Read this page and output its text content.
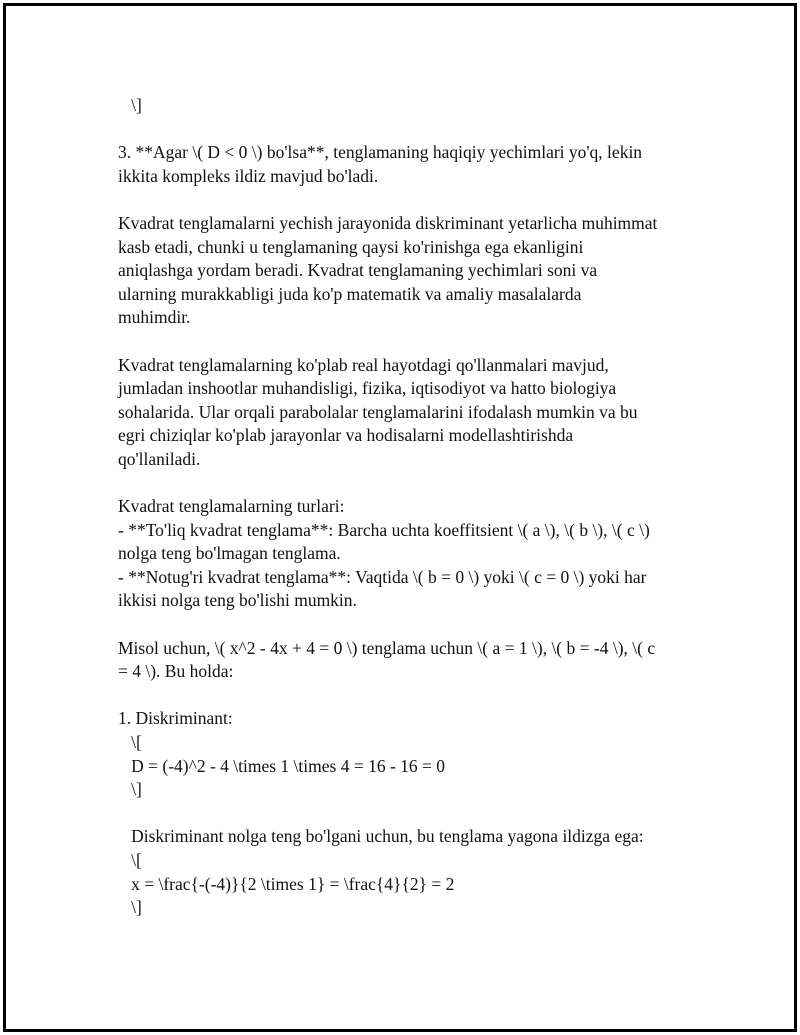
\]
3. **Agar \( D < 0 \) bo'lsa**, tenglamaning haqiqiy yechimlari yo'q, lekin
ikkita kompleks ildiz mavjud bo'ladi.
Kvadrat tenglamalarni yechish jarayonida diskriminant yetarlicha muhimmat
kasb etadi, chunki u tenglamaning qaysi ko'rinishga ega ekanligini
aniqlashga yordam beradi. Kvadrat tenglamaning yechimlari soni va
ularning murakkabligi juda ko'p matematik va amaliy masalalarda
muhimdir.
Kvadrat tenglamalarning ko'plab real hayotdagi qo'llanmalari mavjud,
jumladan inshootlar muhandisligi, fizika, iqtisodiyot va hatto biologiya
sohalarida. Ular orqali parabolalar tenglamalarini ifodalash mumkin va bu
egri chiziqlar ko'plab jarayonlar va hodisalarni modellashtirishda
qo'llaniladi.
Kvadrat tenglamalarning turlari:
- **To'liq kvadrat tenglama**: Barcha uchta koeffitsient \( a \), \( b \), \( c \)
nolga teng bo'lmagan tenglama.
- **Notug'ri kvadrat tenglama**: Vaqtida \( b = 0 \) yoki \( c = 0 \) yoki har
ikkisi nolga teng bo'lishi mumkin.
Misol uchun, \( x^2 - 4x + 4 = 0 \) tenglama uchun \( a = 1 \), \( b = -4 \), \( c
= 4 \). Bu holda:
1. Diskriminant:
\[
D = (-4)^2 - 4 \times 1 \times 4 = 16 - 16 = 0
\]
Diskriminant nolga teng bo'lgani uchun, bu tenglama yagona ildizga ega:
\[
x = \frac{-(-4)}{2 \times 1} = \frac{4}{2} = 2
\]
